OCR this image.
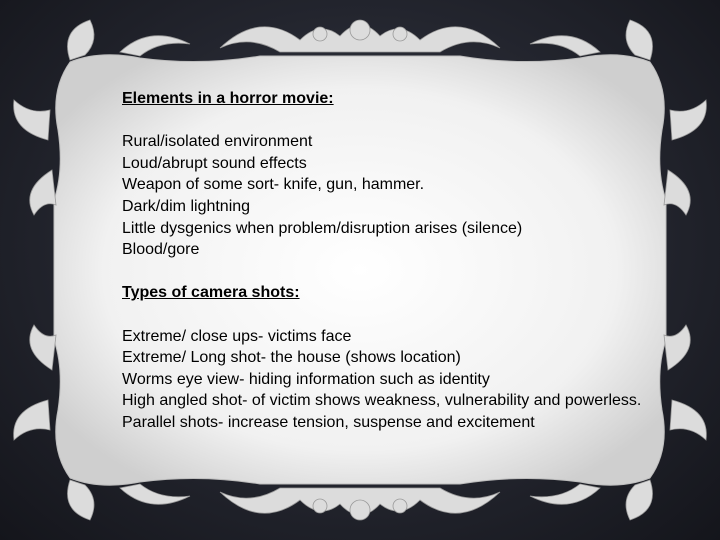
Elements in a horror movie:
Rural/isolated environment
Loud/abrupt sound effects
Weapon of some sort- knife, gun, hammer.
Dark/dim lightning
Little dysgenics when problem/disruption arises (silence)
Blood/gore
Types of camera shots:
Extreme/ close ups- victims face
Extreme/ Long shot- the house (shows location)
Worms eye view- hiding information such as identity
High angled shot- of victim shows weakness, vulnerability and powerless.
Parallel shots- increase tension, suspense and excitement
